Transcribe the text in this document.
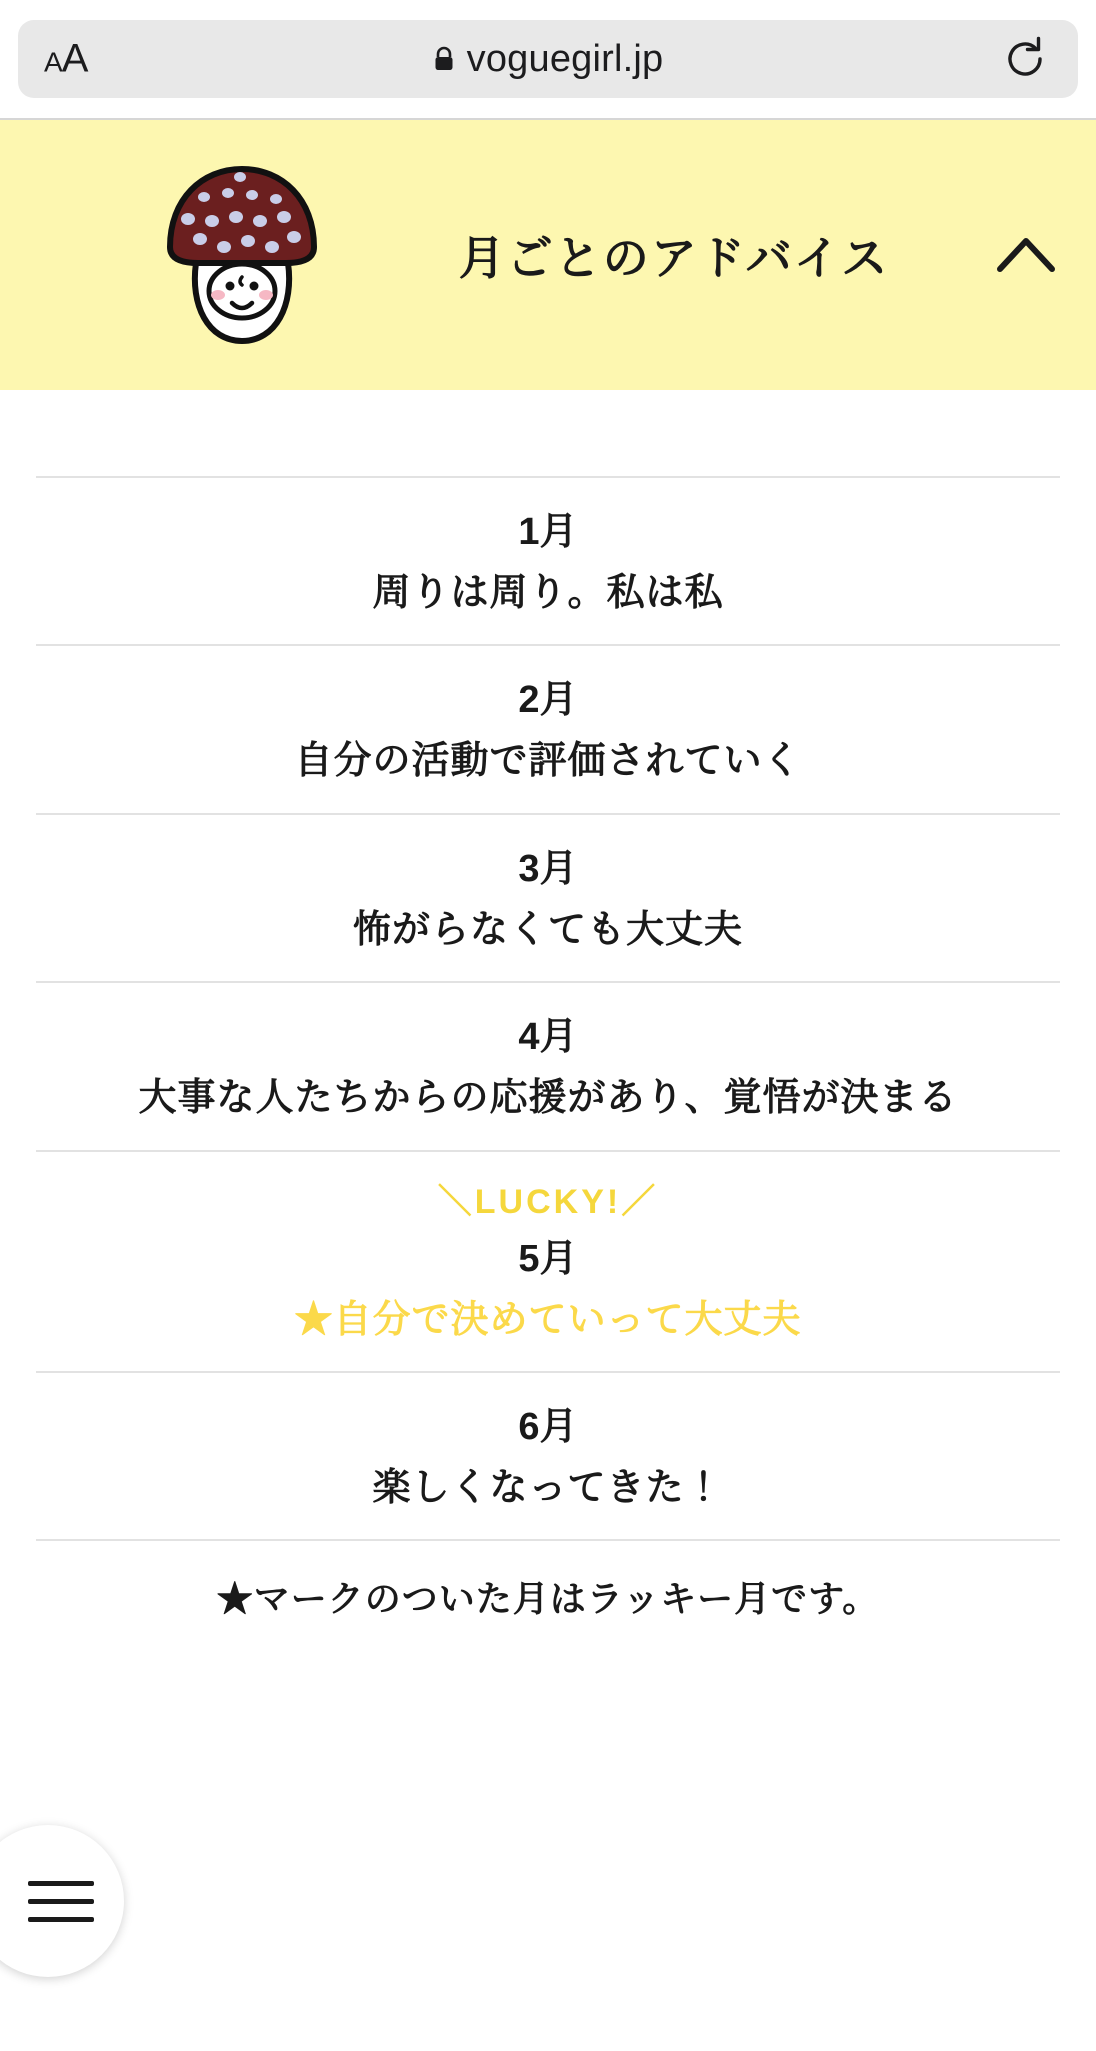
A A	voguegirl.jp
月ごとのアドバイス
1月
周りは周り。私は私
2月
自分の活動で評価されていく
3月
怖がらなくても大丈夫
4月
大事な人たちからの応援があり、覚悟が決まる
＼LUCKY!／
5月
★自分で決めていって大丈夫
6月
楽しくなってきた！
★マークのついた月はラッキー月です。
